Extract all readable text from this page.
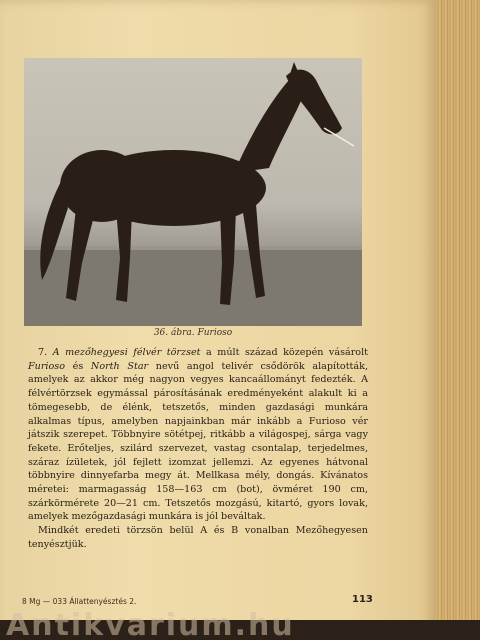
36. ábra. Furioso

7. A mezőhegyesi félvér törzset a múlt század közepén vásárolt Furioso és North Star nevű angol telivér csődörök alapították, amelyek az akkor még nagyon vegyes kancaállományt fedezték. A félvértörzsek egymással párosításának eredményeként alakult ki a tömegesebb, de élénk, tetszetős, minden gazdasági munkára alkalmas típus, amelyben napjainkban már inkább a Furioso vér játszik szerepet. Többnyire sötétpej, ritkább a világospej, sárga vagy fekete. Erőteljes, szilárd szervezet, vastag csontalap, terjedelmes, száraz ízületek, jól fejlett izomzat jellemzi. Az egyenes hátvonal többnyire dinnyefarba megy át. Mellkasa mély, dongás. Kívánatos méretei: marmagasság 158—163 cm (bot), övméret 190 cm, szárkörmérete 20—21 cm. Tetszetős mozgású, kitartó, gyors lovak, amelyek mezőgazdasági munkára is jól beváltak.

Mindkét eredeti törzsön belül A és B vonalban Mezőhegyesen tenyésztjük.

8 Mg — 033 Állattenyésztés 2.	113
Antikvarium.hu
